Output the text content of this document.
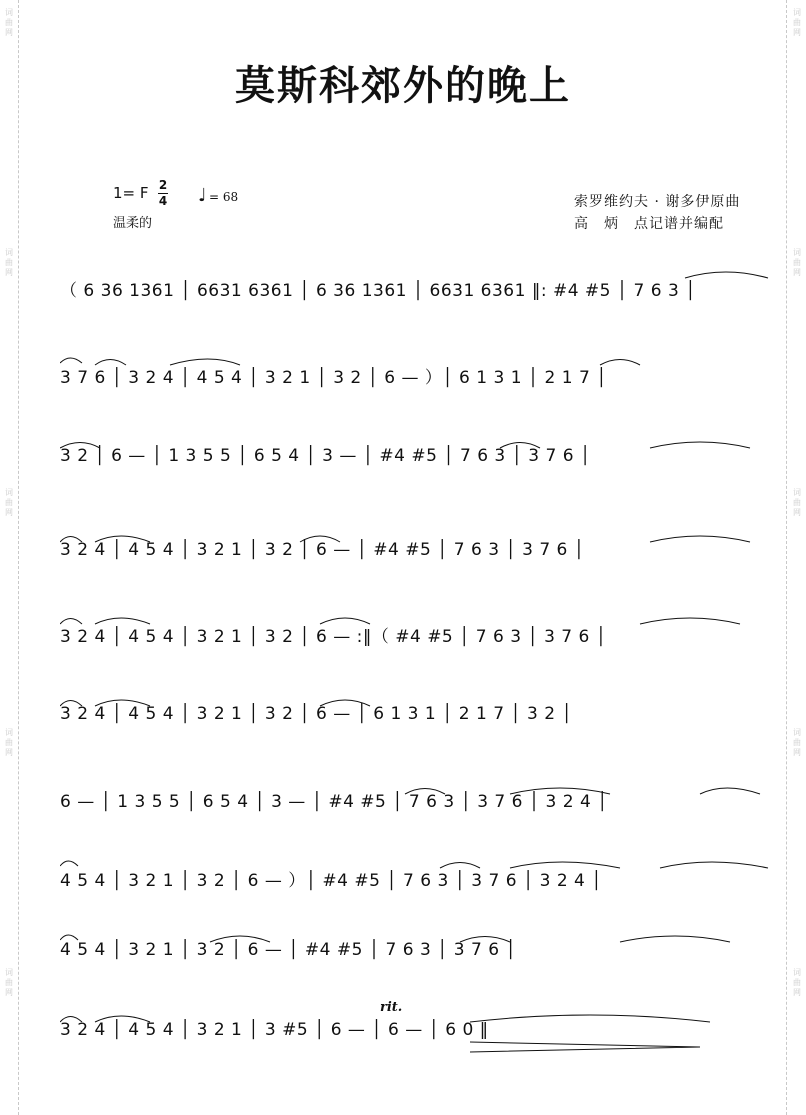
词
曲
网
词
曲
网
词
曲
网
词
曲
网
词
曲
网
词
曲
网
词
曲
网
词
曲
网
词
曲
网
词
曲
网
莫斯科郊外的晚上
1= F 2
4 ♩ = 68
温柔的
索罗维约夫 · 谢多伊原曲
高　炳　点记谱并编配
（ 6 36 1361 │ 6631 6361 │ 6 36 1361 │ 6631 6361 ‖: #4 #5 │ 7 6 3 │
3 7 6 │ 3 2 4 │ 4 5 4 │ 3 2 1 │ 3 2 │ 6 — ）│ 6 1 3 1 │ 2 1 7 │
3 2 │ 6 — │ 1 3 5 5 │ 6 5 4 │ 3 — │ #4 #5 │ 7 6 3 │ 3 7 6 │
3 2 4 │ 4 5 4 │ 3 2 1 │ 3 2 │ 6 — │ #4 #5 │ 7 6 3 │ 3 7 6 │
3 2 4 │ 4 5 4 │ 3 2 1 │ 3 2 │ 6 — :‖（ #4 #5 │ 7 6 3 │ 3 7 6 │
3 2 4 │ 4 5 4 │ 3 2 1 │ 3 2 │ 6 — │ 6 1 3 1 │ 2 1 7 │ 3 2 │
6 — │ 1 3 5 5 │ 6 5 4 │ 3 — │ #4 #5 │ 7 6 3 │ 3 7 6 │ 3 2 4 │
4 5 4 │ 3 2 1 │ 3 2 │ 6 — ）│ #4 #5 │ 7 6 3 │ 3 7 6 │ 3 2 4 │
4 5 4 │ 3 2 1 │ 3 2 │ 6 — │ #4 #5 │ 7 6 3 │ 3 7 6 │
rit.
3 2 4 │ 4 5 4 │ 3 2 1 │ 3 #5 │ 6 — │ 6 — │ 6 0 ‖
